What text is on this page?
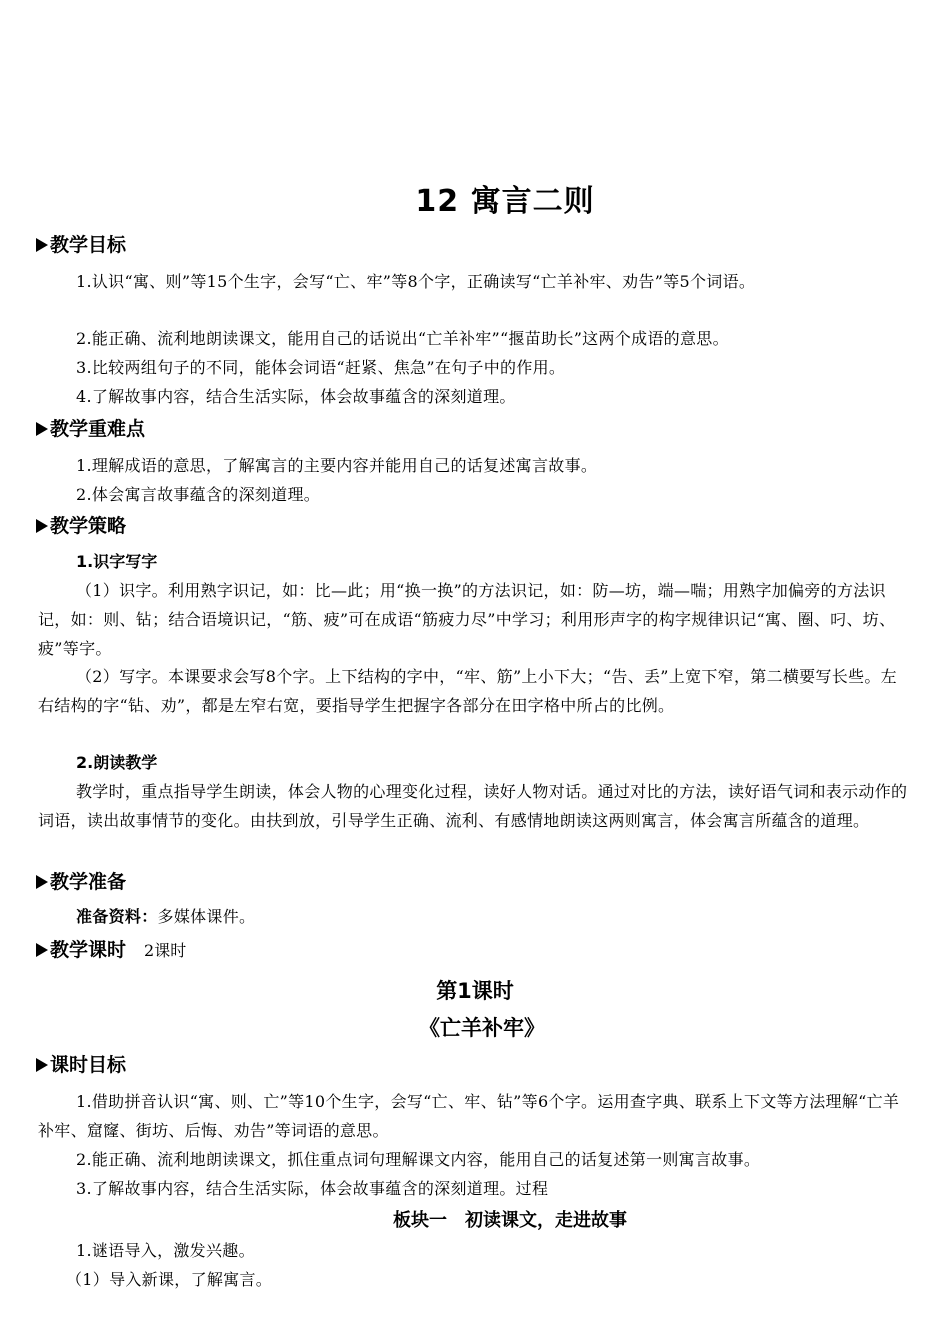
12 寓言二则
教学目标
1.认识“寓、则”等15个生字，会写“亡、牢”等8个字，正确读写“亡羊补牢、劝告”等5个词语。
2.能正确、流利地朗读课文，能用自己的话说出“亡羊补牢”“揠苗助长”这两个成语的意思。
3.比较两组句子的不同，能体会词语“赶紧、焦急”在句子中的作用。
4.了解故事内容，结合生活实际，体会故事蕴含的深刻道理。
教学重难点
1.理解成语的意思，了解寓言的主要内容并能用自己的话复述寓言故事。
2.体会寓言故事蕴含的深刻道理。
教学策略
1.识字写字
（1）识字。利用熟字识记，如：比—此；用“换一换”的方法识记，如：防—坊，端—喘；用熟字加偏旁的方法识记，如：则、钻；结合语境识记，“筋、疲”可在成语“筋疲力尽”中学习；利用形声字的构字规律识记“寓、圈、叼、坊、疲”等字。
（2）写字。本课要求会写8个字。上下结构的字中，“牢、筋”上小下大；“告、丢”上宽下窄，第二横要写长些。左右结构的字“钻、劝”，都是左窄右宽，要指导学生把握字各部分在田字格中所占的比例。
2.朗读教学
教学时，重点指导学生朗读，体会人物的心理变化过程，读好人物对话。通过对比的方法，读好语气词和表示动作的词语，读出故事情节的变化。由扶到放，引导学生正确、流利、有感情地朗读这两则寓言，体会寓言所蕴含的道理。
教学准备
准备资料：多媒体课件。
教学课时 2课时
第1课时
《亡羊补牢》
课时目标
1.借助拼音认识“寓、则、亡”等10个生字，会写“亡、牢、钻”等6个字。运用查字典、联系上下文等方法理解“亡羊补牢、窟窿、街坊、后悔、劝告”等词语的意思。
2.能正确、流利地朗读课文，抓住重点词句理解课文内容，能用自己的话复述第一则寓言故事。
3.了解故事内容，结合生活实际，体会故事蕴含的深刻道理。过程
板块一　初读课文，走进故事
1.谜语导入，激发兴趣。
（1）导入新课，了解寓言。
